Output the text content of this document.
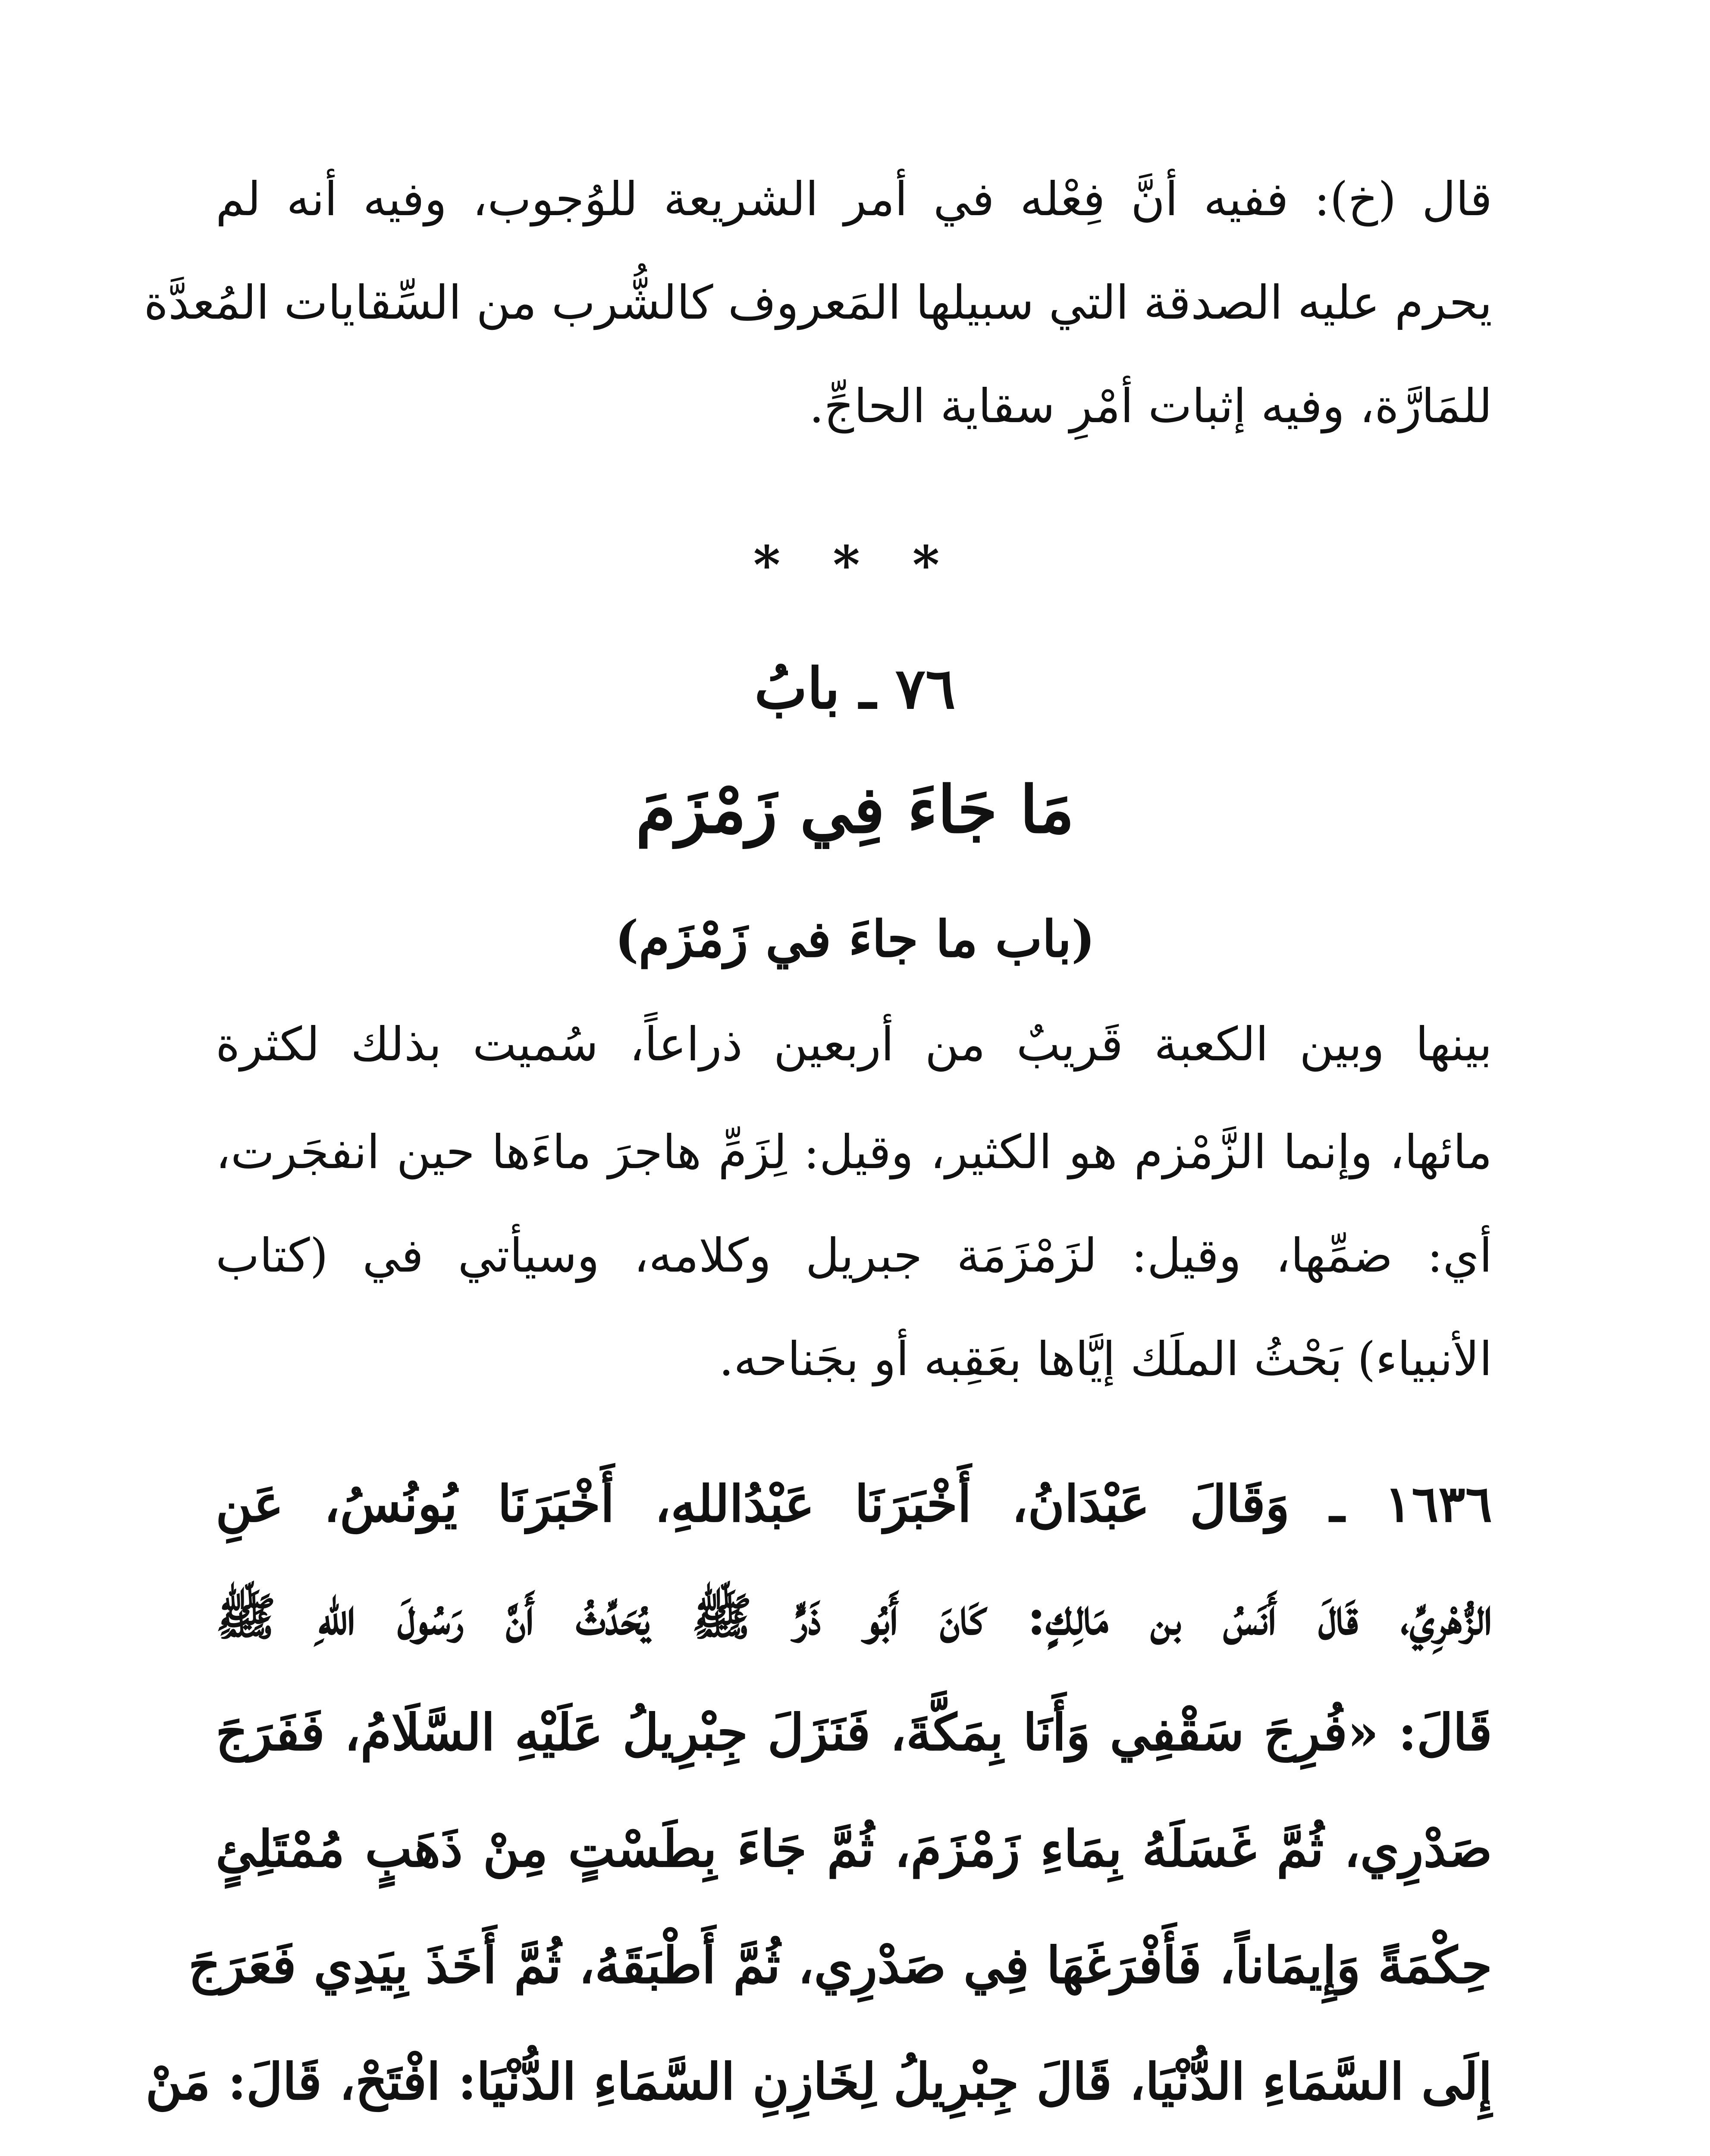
قال (خ): ففيه أنَّ فِعْله في أمر الشريعة للوُجوب، وفيه أنه لم
يحرم عليه الصدقة التي سبيلها المَعروف كالشُّرب من السِّقايات المُعدَّة
للمَارَّة، وفيه إثبات أمْرِ سقاية الحاجِّ.
* * *
٧٦ ـ بابُ
مَا جَاءَ فِي زَمْزَمَ
(باب ما جاءَ في زَمْزَم)
بينها وبين الكعبة قَريبٌ من أربعين ذراعاً، سُميت بذلك لكثرة
مائها، وإنما الزَّمْزم هو الكثير، وقيل: لِزَمِّ هاجرَ ماءَها حين انفجَرت،
أي: ضمِّها، وقيل: لزَمْزَمَة جبريل وكلامه، وسيأتي في (كتاب
الأنبياء) بَحْثُ الملَك إيَّاها بعَقِبه أو بجَناحه.
١٦٣٦ ـ وَقَالَ عَبْدَانُ، أَخْبَرَنَا عَبْدُاللهِ، أَخْبَرَنَا يُونُسُ، عَنِ
الزُّهْرِيِّ، قَالَ أَنَسُ بن مَالِكٍ: كَانَ أَبُو ذَرٍّ ﷺ يُحَدِّثُ أَنَّ رَسُولَ اللهِ ﷺ
قَالَ: «فُرِجَ سَقْفِي وَأَنَا بِمَكَّةَ، فَنَزَلَ جِبْرِيلُ عَلَيْهِ السَّلَامُ، فَفَرَجَ
صَدْرِي، ثُمَّ غَسَلَهُ بِمَاءِ زَمْزَمَ، ثُمَّ جَاءَ بِطَسْتٍ مِنْ ذَهَبٍ مُمْتَلِئٍ
حِكْمَةً وَإِيمَاناً، فَأَفْرَغَهَا فِي صَدْرِي، ثُمَّ أَطْبَقَهُ، ثُمَّ أَخَذَ بِيَدِي فَعَرَجَ
إِلَى السَّمَاءِ الدُّنْيَا، قَالَ جِبْرِيلُ لِخَازِنِ السَّمَاءِ الدُّنْيَا: افْتَحْ، قَالَ: مَنْ
